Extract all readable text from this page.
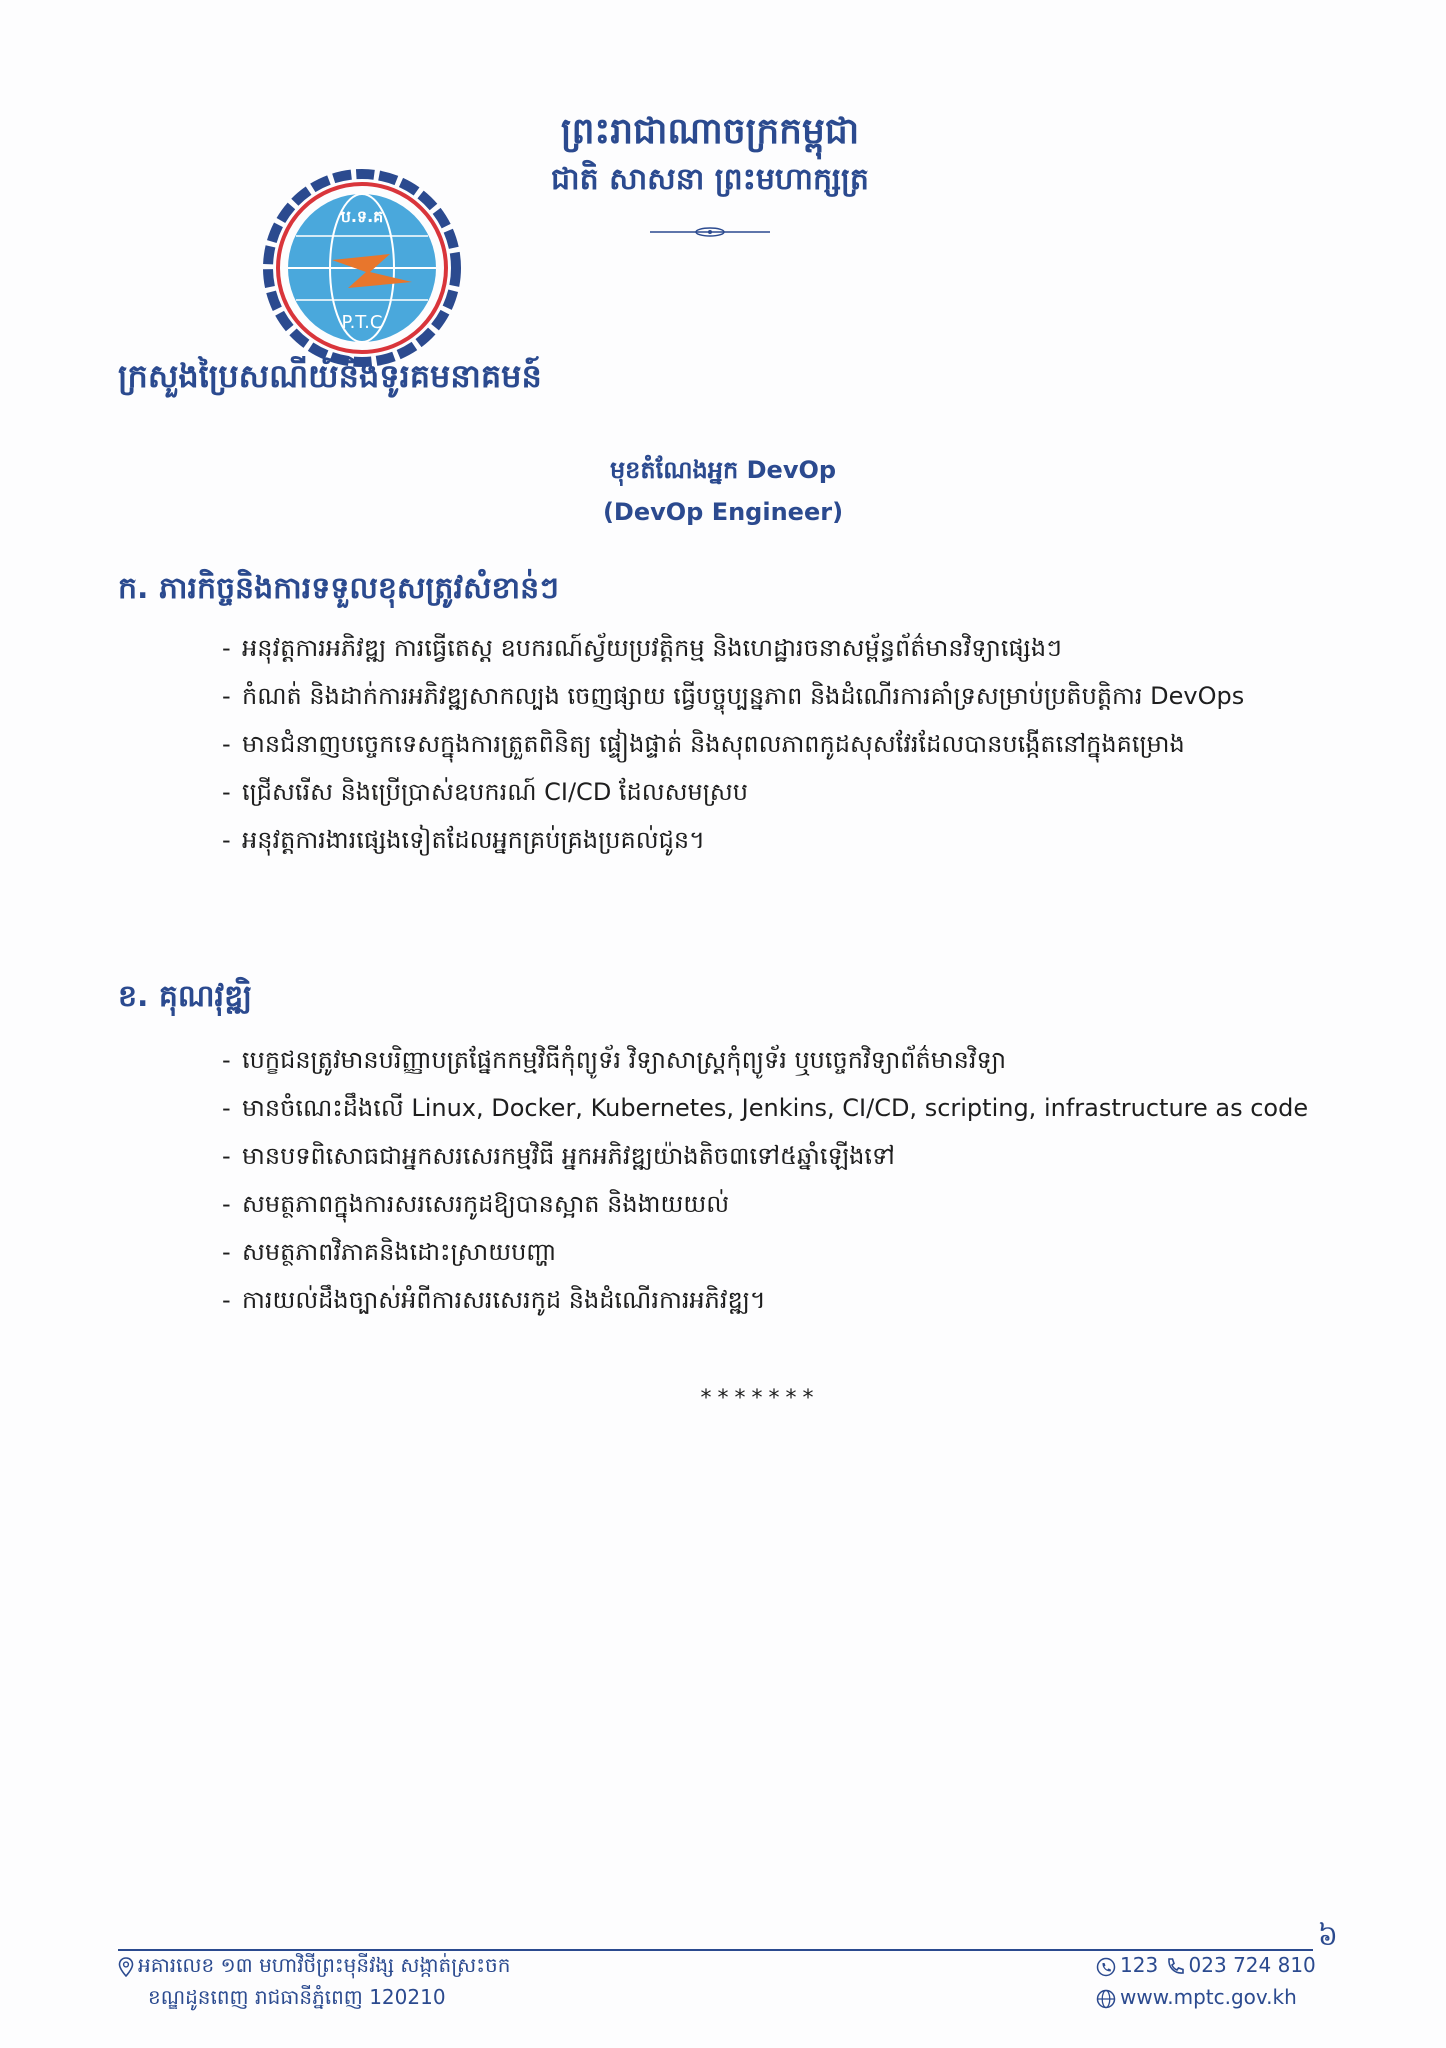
ព្រះរាជាណាចក្រកម្ពុជា
ជាតិ សាសនា ព្រះមហាក្សត្រ
ប.ទ.គ
P.T.C
ក្រសួងប្រៃសណីយ៍និងទូរគមនាគមន៍
មុខតំណែងអ្នក DevOp
(DevOp Engineer)
ក. ភារកិច្ចនិងការទទួលខុសត្រូវសំខាន់ៗ
- អនុវត្តការអភិវឌ្ឍ ការធ្វើតេស្ត ឧបករណ៍ស្វ័យប្រវត្តិកម្ម និងហេដ្ឋារចនាសម្ព័ន្ធព័ត៌មានវិទ្យាផ្សេងៗ
- កំណត់ និងដាក់ការអភិវឌ្ឍសាកល្បង ចេញផ្សាយ ធ្វើបច្ចុប្បន្នភាព និងដំណើរការគាំទ្រសម្រាប់ប្រតិបត្តិការ DevOps
- មានជំនាញបច្ចេកទេសក្នុងការត្រួតពិនិត្យ ផ្ទៀងផ្ទាត់ និងសុពលភាពកូដសុសវែរដែលបានបង្កើតនៅក្នុងគម្រោង
- ជ្រើសរើស និងប្រើប្រាស់ឧបករណ៍ CI/CD ដែលសមស្រប
- អនុវត្តការងារផ្សេងទៀតដែលអ្នកគ្រប់គ្រងប្រគល់ជូន។
ខ. គុណវុឌ្ឍិ
- បេក្ខជនត្រូវមានបរិញ្ញាបត្រផ្នែកកម្មវិធីកុំព្យូទ័រ វិទ្យាសាស្ត្រកុំព្យូទ័រ ឬបច្ចេកវិទ្យាព័ត៌មានវិទ្យា
- មានចំណេះដឹងលើ Linux, Docker, Kubernetes, Jenkins, CI/CD, scripting, infrastructure as code
- មានបទពិសោធជាអ្នកសរសេរកម្មវិធី អ្នកអភិវឌ្ឍយ៉ាងតិច៣ទៅ៥ឆ្នាំឡើងទៅ
- សមត្ថភាពក្នុងការសរសេរកូដឱ្យបានស្អាត និងងាយយល់
- សមត្ថភាពវិភាគនិងដោះស្រាយបញ្ហា
- ការយល់ដឹងច្បាស់អំពីការសរសេរកូដ និងដំណើរការអភិវឌ្ឍ។
*******
៦
អគារលេខ ១៣ មហាវិថីព្រះមុនីវង្ស សង្កាត់ស្រះចក
ខណ្ឌដូនពេញ រាជធានីភ្នំពេញ 120210
123 023 724 810
www.mptc.gov.kh
